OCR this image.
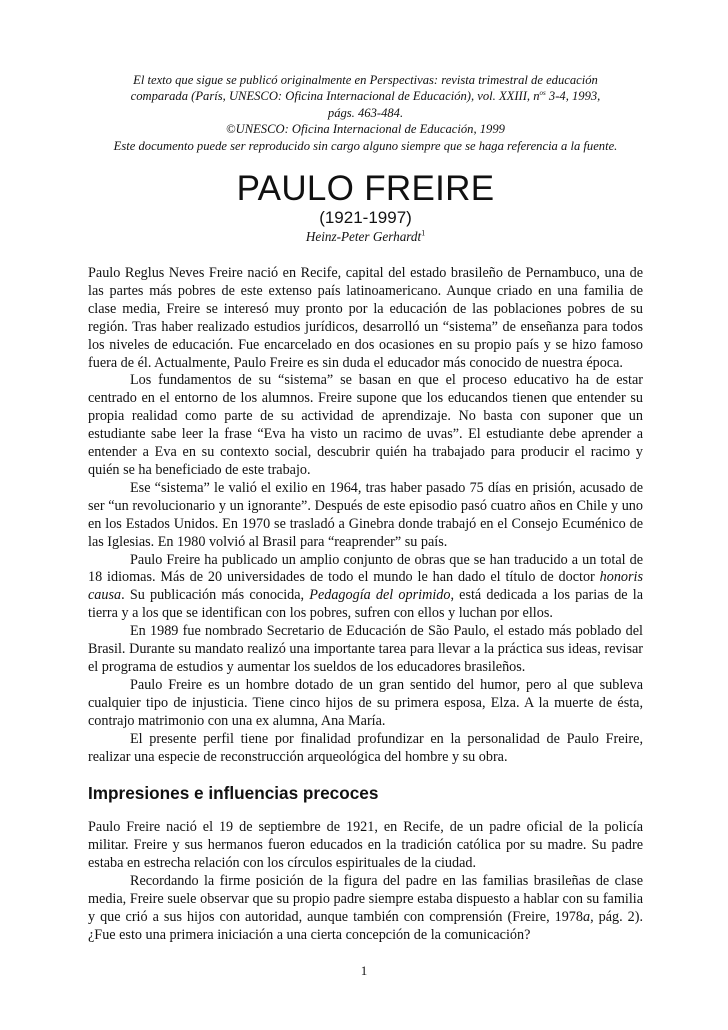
El texto que sigue se publicó originalmente en Perspectivas: revista trimestral de educación
comparada (París, UNESCO: Oficina Internacional de Educación), vol. XXIII, $n^{os}$ 3-4, 1993,
págs. 463-484.
©UNESCO: Oficina Internacional de Educación, 1999
Este documento puede ser reproducido sin cargo alguno siempre que se haga referencia a la fuente.
PAULO FREIRE
(1921-1997)
Heinz-Peter Gerhardt$^1$

Paulo Reglus Neves Freire nació en Recife, capital del estado brasileño de Pernambuco, una de las partes más pobres de este extenso país latinoamericano. Aunque criado en una familia de clase media, Freire se interesó muy pronto por la educación de las poblaciones pobres de su región. Tras haber realizado estudios jurídicos, desarrolló un “sistema” de enseñanza para todos los niveles de educación. Fue encarcelado en dos ocasiones en su propio país y se hizo famoso fuera de él. Actualmente, Paulo Freire es sin duda el educador más conocido de nuestra época.

Los fundamentos de su “sistema” se basan en que el proceso educativo ha de estar centrado en el entorno de los alumnos. Freire supone que los educandos tienen que entender su propia realidad como parte de su actividad de aprendizaje. No basta con suponer que un estudiante sabe leer la frase “Eva ha visto un racimo de uvas”. El estudiante debe aprender a entender a Eva en su contexto social, descubrir quién ha trabajado para producir el racimo y quién se ha beneficiado de este trabajo.

Ese “sistema” le valió el exilio en 1964, tras haber pasado 75 días en prisión, acusado de ser “un revolucionario y un ignorante”. Después de este episodio pasó cuatro años en Chile y uno en los Estados Unidos. En 1970 se trasladó a Ginebra donde trabajó en el Consejo Ecuménico de las Iglesias. En 1980 volvió al Brasil para “reaprender” su país.

Paulo Freire ha publicado un amplio conjunto de obras que se han traducido a un total de 18 idiomas. Más de 20 universidades de todo el mundo le han dado el título de doctor honoris causa. Su publicación más conocida, Pedagogía del oprimido, está dedicada a los parias de la tierra y a los que se identifican con los pobres, sufren con ellos y luchan por ellos.

En 1989 fue nombrado Secretario de Educación de São Paulo, el estado más poblado del Brasil. Durante su mandato realizó una importante tarea para llevar a la práctica sus ideas, revisar el programa de estudios y aumentar los sueldos de los educadores brasileños.

Paulo Freire es un hombre dotado de un gran sentido del humor, pero al que subleva cualquier tipo de injusticia. Tiene cinco hijos de su primera esposa, Elza. A la muerte de ésta, contrajo matrimonio con una ex alumna, Ana María.

El presente perfil tiene por finalidad profundizar en la personalidad de Paulo Freire, realizar una especie de reconstrucción arqueológica del hombre y su obra.

Impresiones e influencias precoces

Paulo Freire nació el 19 de septiembre de 1921, en Recife, de un padre oficial de la policía militar. Freire y sus hermanos fueron educados en la tradición católica por su madre. Su padre estaba en estrecha relación con los círculos espirituales de la ciudad.

Recordando la firme posición de la figura del padre en las familias brasileñas de clase media, Freire suele observar que su propio padre siempre estaba dispuesto a hablar con su familia y que crió a sus hijos con autoridad, aunque también con comprensión (Freire, 1978a, pág. 2). ¿Fue esto una primera iniciación a una cierta concepción de la comunicación?

1
